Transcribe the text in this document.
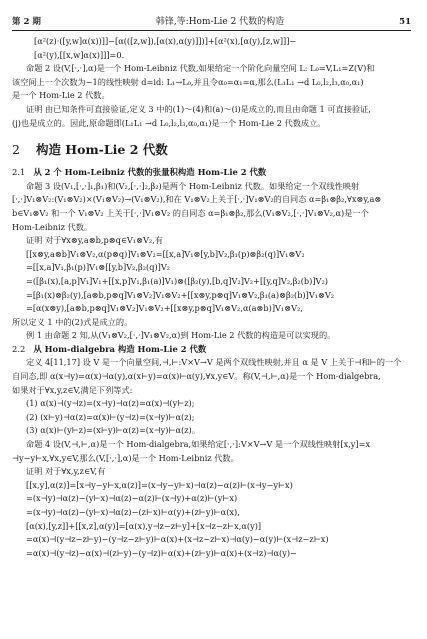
第 2 期	韩锋,等:Hom-Lie 2 代数的构造	51
[α²(z)·([y,w]α(x))]]−[α(([z,w]),[α(x),α(y)]])]+[α²(x),[α(y),[z,w]]]−
[α²(y),[[x,w]α(x)]]]=0.
命题 2 设(V,[·,·],α)是一个 Hom-Leibniz 代数,如果给定一个阶化向量空间 L: L₀=V,L₁=Z(V)和
该空间上一个次数为−1的线性映射 d=id: L₁→L₀,并且令α₀=α₁=α,那么(L₁L₁ →d L₀,l₂,l₃,α₀,α₁)
是一个 Hom-Lie 2 代数。
证明 由已知条件可直接验证,定义 3 中的(1)～(4)和(a)～(i)是成立的,而且由命题 1 可直接验证,
(j)也是成立的。因此,原命题即(L₁L₁ →d L₀,l₂,l₃,α₀,α₁)是一个 Hom-Lie 2 代数成立。
2 构造 Hom-Lie 2 代数
2.1 从 2 个 Hom-Leibniz 代数的张量积构造 Hom-Lie 2 代数
命题 3 设(V₁,[·,·]₁,β₁)和(V₂,[·,·]₂,β₂)是两个 Hom-Leibniz 代数。如果给定一个双线性映射
[·,·]V₁⊗V₂:(V₁⊗V₂)×(V₁⊗V₂)→(V₁⊗V₂),和在 V₁⊗V₂上关于[·,·]V₁⊗V₂的自同态 α=β₁⊗β₂,∀x⊗y,a⊗
b∈V₁⊗V₂ 和一个 V₁⊗V₂ 上关于[·,·]V₁⊗V₂ 的自同态 α=β₁⊗β₂,那么(V₁⊗V₂,[·,·]V₁⊗V₂,α)是一个
Hom-Leibniz 代数。
证明 对于∀x⊗y,a⊗b,p⊗q∈V₁⊗V₂,有
[[x⊗y,a⊗b]V₁⊗V₂,α(p⊗q)]V₁⊗V₂=[[x,a]V₁⊗[y,b]V₂,β₁(p)⊗β₂(q)]V₁⊗V₂
=[[x,a]V₁,β₁(p)]V₁⊗[[y,b]V₂,β₂(q)]V₂
=([β₁(x),[a,p]V₁]V₁+[[x,p]V₁,β₁(a)]V₁)⊗([β₂(y),[b,q]V₂]V₂+[[y,q]V₂,β₂(b)]V₂)
=[β₁(x)⊗β₂(y),[a⊗b,p⊗q]V₁⊗V₂]V₁⊗V₂+[[x⊗y,p⊗q]V₁⊗V₂,β₁(a)⊗β₂(b)]V₁⊗V₂
=[α(x⊗y),[a⊗b,p⊗q]V₁⊗V₂]V₁⊗V₂+[[x⊗y,p⊗q]V₁⊗V₂,α(a⊗b)]V₁⊗V₂,
所以定义 1 中的(2)式是成立的。
例 1 由命题 2 知,从(V₁⊗V₂,[·,·]V₁⊗V₂,α)到 Hom-Lie 2 代数的构造是可以实现的。
2.2 从 Hom-dialgebra 构造 Hom-Lie 2 代数
定义 4[11,17] 设 V 是一个向量空间,⊣,⊢:V×V→V 是两个双线性映射,并且 α 是 V 上关于⊣和⊢的一个
自同态,即 α(x⊣y)=α(x)⊣α(y),α(x⊢y)=α(x)⊢α(y),∀x,y∈V。称(V,⊣,⊢,α)是一个 Hom-dialgebra,
如果对于∀x,y,z∈V,满足下列等式:
(1) α(x)⊣(y⊣z)=(x⊣y)⊣α(z)=α(x)⊣(y⊢z);
(2) (x⊢y)⊣α(z)=α(x)⊢(y⊣z)=(x⊣y)⊢α(z);
(3) α(x)⊢(y⊢z)=(x⊢y)⊢α(z)=(x⊣y)⊢α(z)。
命题 4 设(V,⊣,⊢,α)是一个 Hom-dialgebra,如果给定[·,·]:V×V→V 是一个双线性映射[x,y]=x
⊣y−y⊢x,∀x,y∈V,那么(V,[·,·],α)是一个 Hom-Leibniz 代数。
证明 对于∀x,y,z∈V,有
[[x,y],α(z)]=[x⊣y−y⊢x,α(z)]=(x⊣y−y⊢x)⊣α(z)−α(z)⊢(x⊣y−y⊢x)
=(x⊣y)⊣α(z)−(y⊢x)⊣α(z)−α(z)⊢(x⊣y)+α(z)⊢(y⊢x)
=(x⊣y)⊣α(z)−(y⊢x)⊣α(z)−(z⊢x)⊢α(y)+(z⊢y)⊢α(x),
[α(x),[y,z]]+[[x,z],α(y)]=[α(x),y⊣z−z⊢y]+[x⊣z−z⊢x,α(y)]
=α(x)⊣(y⊣z−z⊢y)−(y⊣z−z⊢y)⊢α(x)+(x⊣z−z⊢x)⊣α(y)−α(y)⊢(x⊣z−z⊢x)
=α(x)⊣(y⊣z)−α(x)⊣(z⊢y)−(y⊣z)⊢α(x)+(z⊢y)⊢α(x)+(x⊣z)⊣α(y)−
